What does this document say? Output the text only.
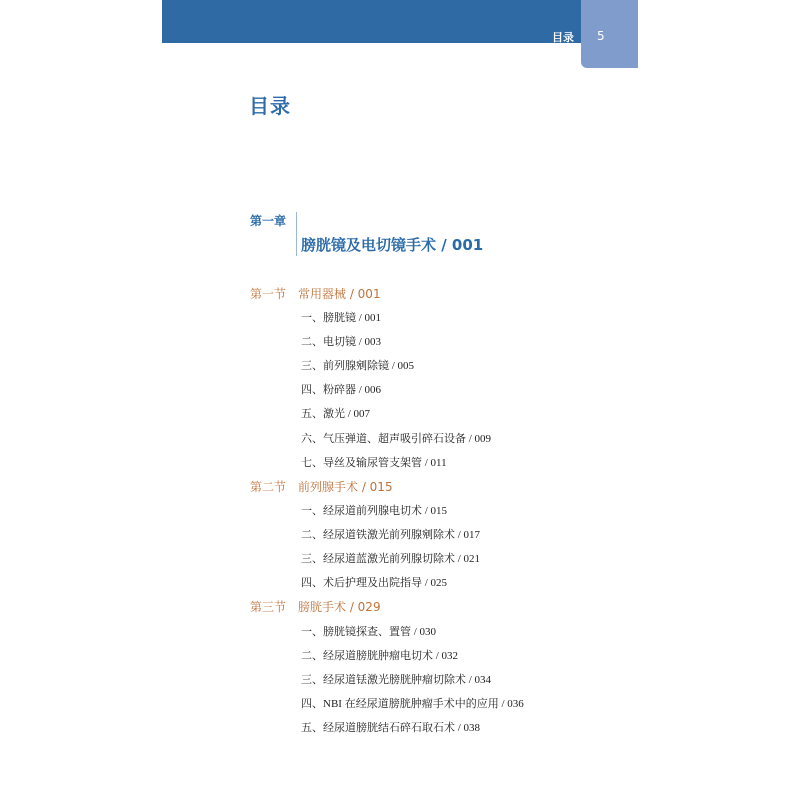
目录 5
目录
第一章
膀胱镜及电切镜手术 / 001
第一节 常用器械 / 001
一、膀胱镜 / 001
二、电切镜 / 003
三、前列腺剜除镜 / 005
四、粉碎器 / 006
五、激光 / 007
六、气压弹道、超声吸引碎石设备 / 009
七、导丝及输尿管支架管 / 011
第二节 前列腺手术 / 015
一、经尿道前列腺电切术 / 015
二、经尿道铁激光前列腺剜除术 / 017
三、经尿道蓝激光前列腺切除术 / 021
四、术后护理及出院指导 / 025
第三节 膀胱手术 / 029
一、膀胱镜探查、置管 / 030
二、经尿道膀胱肿瘤电切术 / 032
三、经尿道铥激光膀胱肿瘤切除术 / 034
四、NBI 在经尿道膀胱肿瘤手术中的应用 / 036
五、经尿道膀胱结石碎石取石术 / 038
